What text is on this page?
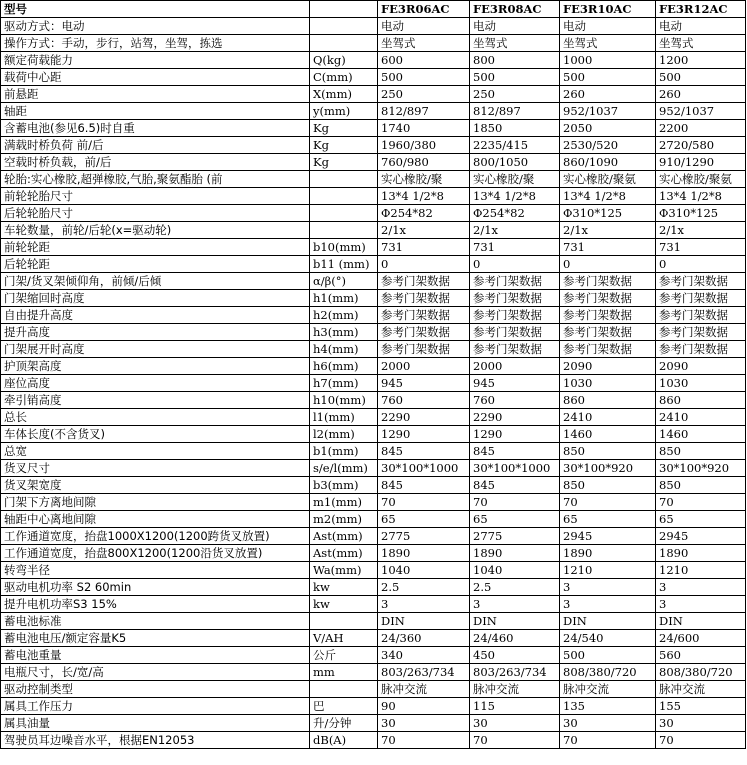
型号		FE3R06AC	FE3R08AC	FE3R10AC	FE3R12AC
驱动方式：电动		电动	电动	电动	电动
操作方式：手动，步行，站驾，坐驾，拣选		坐驾式	坐驾式	坐驾式	坐驾式
额定荷载能力	Q(kg)	600	800	1000	1200
载荷中心距	C(mm)	500	500	500	500
前悬距	X(mm)	250	250	260	260
轴距	y(mm)	812/897	812/897	952/1037	952/1037
含蓄电池(参见6.5)时自重	Kg	1740	1850	2050	2200
满载时桥负荷 前/后	Kg	1960/380	2235/415	2530/520	2720/580
空载时桥负载，前/后	Kg	760/980	800/1050	860/1090	910/1290
轮胎:实心橡胶,超弹橡胶,气胎,聚氨酯胎 (前		实心橡胶/聚	实心橡胶/聚	实心橡胶/聚氨	实心橡胶/聚氨
前轮轮胎尺寸		13*4 1/2*8	13*4 1/2*8	13*4 1/2*8	13*4 1/2*8
后轮轮胎尺寸		Φ254*82	Φ254*82	Φ310*125	Φ310*125
车轮数量，前轮/后轮(x=驱动轮)		2/1x	2/1x	2/1x	2/1x
前轮轮距	b10(mm)	731	731	731	731
后轮轮距	b11 (mm)	0	0	0	0
门架/货叉架倾仰角，前倾/后倾	α/β(°)	参考门架数据	参考门架数据	参考门架数据	参考门架数据
门架缩回时高度	h1(mm)	参考门架数据	参考门架数据	参考门架数据	参考门架数据
自由提升高度	h2(mm)	参考门架数据	参考门架数据	参考门架数据	参考门架数据
提升高度	h3(mm)	参考门架数据	参考门架数据	参考门架数据	参考门架数据
门架展开时高度	h4(mm)	参考门架数据	参考门架数据	参考门架数据	参考门架数据
护顶架高度	h6(mm)	2000	2000	2090	2090
座位高度	h7(mm)	945	945	1030	1030
牵引销高度	h10(mm)	760	760	860	860
总长	l1(mm)	2290	2290	2410	2410
车体长度(不含货叉)	l2(mm)	1290	1290	1460	1460
总宽	b1(mm)	845	845	850	850
货叉尺寸	s/e/l(mm)	30*100*1000	30*100*1000	30*100*920	30*100*920
货叉架宽度	b3(mm)	845	845	850	850
门架下方离地间隙	m1(mm)	70	70	70	70
轴距中心离地间隙	m2(mm)	65	65	65	65
工作通道宽度，抬盘1000X1200(1200跨货叉放置)	Ast(mm)	2775	2775	2945	2945
工作通道宽度，抬盘800X1200(1200沿货叉放置)	Ast(mm)	1890	1890	1890	1890
转弯半径	Wa(mm)	1040	1040	1210	1210
驱动电机功率 S2 60min	kw	2.5	2.5	3	3
提升电机功率S3 15%	kw	3	3	3	3
蓄电池标准		DIN	DIN	DIN	DIN
蓄电池电压/额定容量K5	V/AH	24/360	24/460	24/540	24/600
蓄电池重量	公斤	340	450	500	560
电瓶尺寸，长/宽/高	mm	803/263/734	803/263/734	808/380/720	808/380/720
驱动控制类型		脉冲交流	脉冲交流	脉冲交流	脉冲交流
属具工作压力	巴	90	115	135	155
属具油量	升/分钟	30	30	30	30
驾驶员耳边噪音水平，根据EN12053	dB(A)	70	70	70	70
